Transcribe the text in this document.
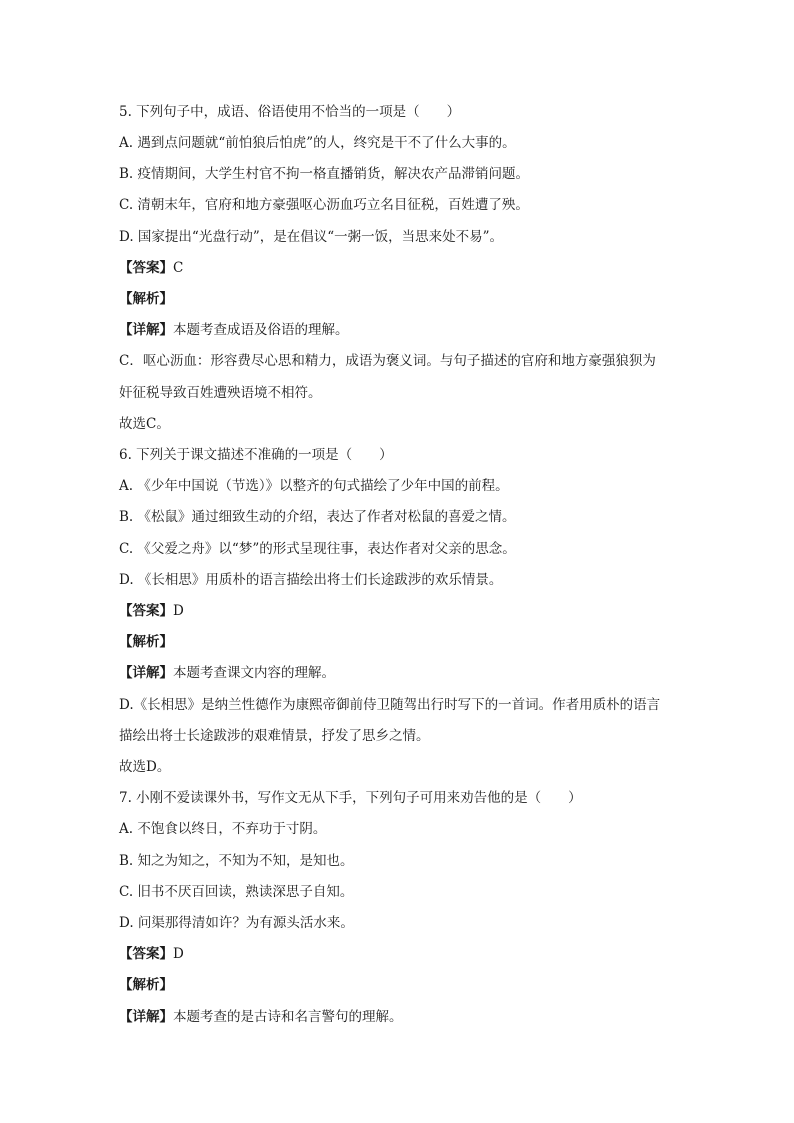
5. 下列句子中，成语、俗语使用不恰当的一项是（　　）
A. 遇到点问题就“前怕狼后怕虎”的人，终究是干不了什么大事的。
B. 疫情期间，大学生村官不拘一格直播销货，解决农产品滞销问题。
C. 清朝末年，官府和地方豪强呕心沥血巧立名目征税，百姓遭了殃。
D. 国家提出“光盘行动”，是在倡议“一粥一饭，当思来处不易”。
【答案】C
【解析】
【详解】本题考查成语及俗语的理解。
C．呕心沥血：形容费尽心思和精力，成语为褒义词。与句子描述的官府和地方豪强狼狈为
奸征税导致百姓遭殃语境不相符。
故选C。
6. 下列关于课文描述不准确的一项是（　　）
A. 《少年中国说（节选）》以整齐的句式描绘了少年中国的前程。
B. 《松鼠》通过细致生动的介绍，表达了作者对松鼠的喜爱之情。
C. 《父爱之舟》以“梦”的形式呈现往事，表达作者对父亲的思念。
D. 《长相思》用质朴的语言描绘出将士们长途跋涉的欢乐情景。
【答案】D
【解析】
【详解】本题考查课文内容的理解。
D.《长相思》是纳兰性德作为康熙帝御前侍卫随驾出行时写下的一首词。作者用质朴的语言
描绘出将士长途跋涉的艰难情景，抒发了思乡之情。
故选D。
7. 小刚不爱读课外书，写作文无从下手，下列句子可用来劝告他的是（　　）
A. 不饱食以终日，不弃功于寸阴。
B. 知之为知之，不知为不知，是知也。
C. 旧书不厌百回读，熟读深思子自知。
D. 问渠那得清如许？为有源头活水来。
【答案】D
【解析】
【详解】本题考查的是古诗和名言警句的理解。
